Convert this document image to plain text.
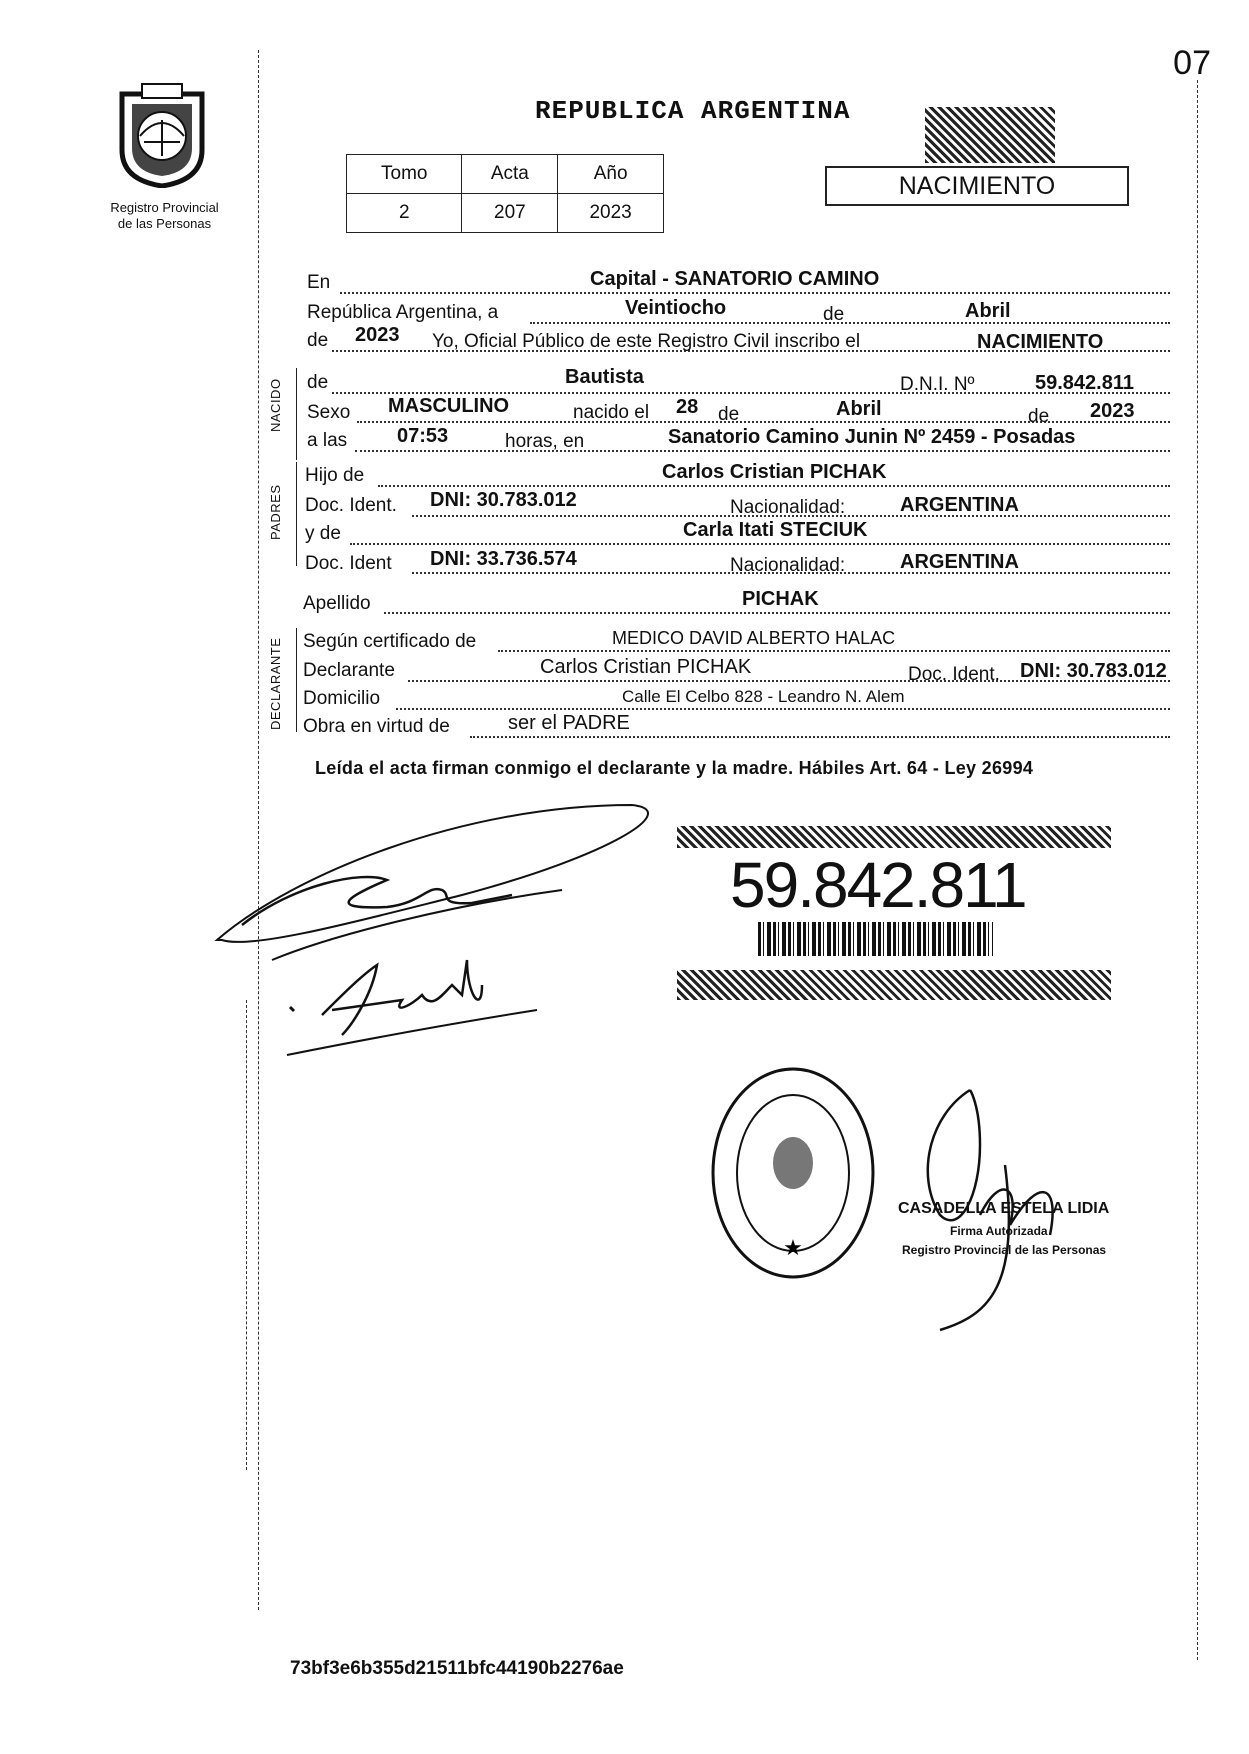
07
Registro Provincial
de las Personas
REPUBLICA ARGENTINA
Tomo	Acta	Año
2	207	2023
NACIMIENTO
En	Capital - SANATORIO CAMINO
República Argentina, a	Veintiocho	de	Abril
de 2023 Yo, Oficial Público de este Registro Civil inscribo el	NACIMIENTO
NACIDO de	Bautista	D.N.I. Nº	59.842.811
Sexo MASCULINO	nacido el 28 de	Abril	de 2023
a las 07:53	horas, en	Sanatorio Camino Junin Nº 2459 - Posadas
PADRES
Hijo de	Carlos Cristian PICHAK
Doc. Ident. DNI: 30.783.012	Nacionalidad:	ARGENTINA
y de	Carla Itati STECIUK
Doc. Ident DNI: 33.736.574	Nacionalidad:	ARGENTINA
Apellido	PICHAK
DECLARANTE Según certificado de	MEDICO DAVID ALBERTO HALAC
Declarante	Carlos Cristian PICHAK	Doc. Ident. DNI: 30.783.012
Domicilio	Calle El Celbo 828 - Leandro N. Alem
Obra en virtud de	ser el PADRE
Leída el acta firman conmigo el declarante y la madre. Hábiles Art. 64 - Ley 26994
59.842.811
★
CASADELLA ESTELA LIDIA
Firma Autorizada
Registro Provincial de las Personas
73bf3e6b355d21511bfc44190b2276ae
